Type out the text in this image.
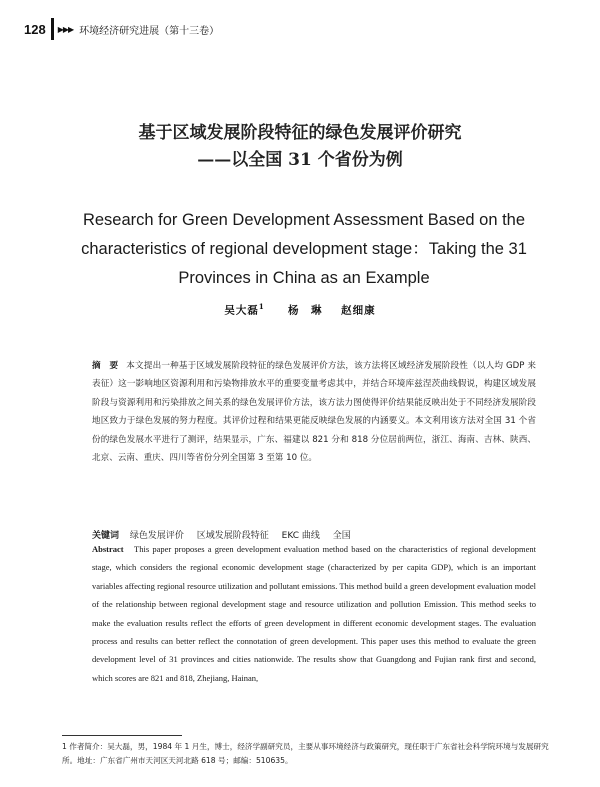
128 ▶▶▶ 环境经济研究进展（第十三卷）
基于区域发展阶段特征的绿色发展评价研究
——以全国 31 个省份为例
Research for Green Development Assessment Based on the characteristics of regional development stage：Taking the 31 Provinces in China as an Example
吴大磊$^1$ 杨　琳 赵细康
摘　要 本文提出一种基于区域发展阶段特征的绿色发展评价方法，该方法将区域经济发展阶段性（以人均 GDP 来表征）这一影响地区资源利用和污染物排放水平的重要变量考虑其中，并结合环境库兹涅茨曲线假说，构建区域发展阶段与资源利用和污染排放之间关系的绿色发展评价方法，该方法力图使得评价结果能反映出处于不同经济发展阶段地区致力于绿色发展的努力程度。其评价过程和结果更能反映绿色发展的内涵要义。本文利用该方法对全国 31 个省份的绿色发展水平进行了测评，结果显示，广东、福建以 821 分和 818 分位居前两位，浙江、海南、吉林、陕西、北京、云南、重庆、四川等省份分列全国第 3 至第 10 位。
关键词 绿色发展评价 区域发展阶段特征 EKC 曲线 全国
Abstract This paper proposes a green development evaluation method based on the characteristics of regional development stage, which considers the regional economic development stage (characterized by per capita GDP), which is an important variables affecting regional resource utilization and pollutant emissions. This method build a green development evaluation model of the relationship between regional development stage and resource utilization and pollution Emission. This method seeks to make the evaluation results reflect the efforts of green development in different economic development stages. The evaluation process and results can better reflect the connotation of green development. This paper uses this method to evaluate the green development level of 31 provinces and cities nationwide. The results show that Guangdong and Fujian rank first and second, which scores are 821 and 818, Zhejiang, Hainan,
1 作者简介：吴大磊，男，1984 年 1 月生，博士，经济学副研究员，主要从事环境经济与政策研究，现任职于广东省社会科学院环境与发展研究所。地址：广东省广州市天河区天河北路 618 号；邮编：510635。
